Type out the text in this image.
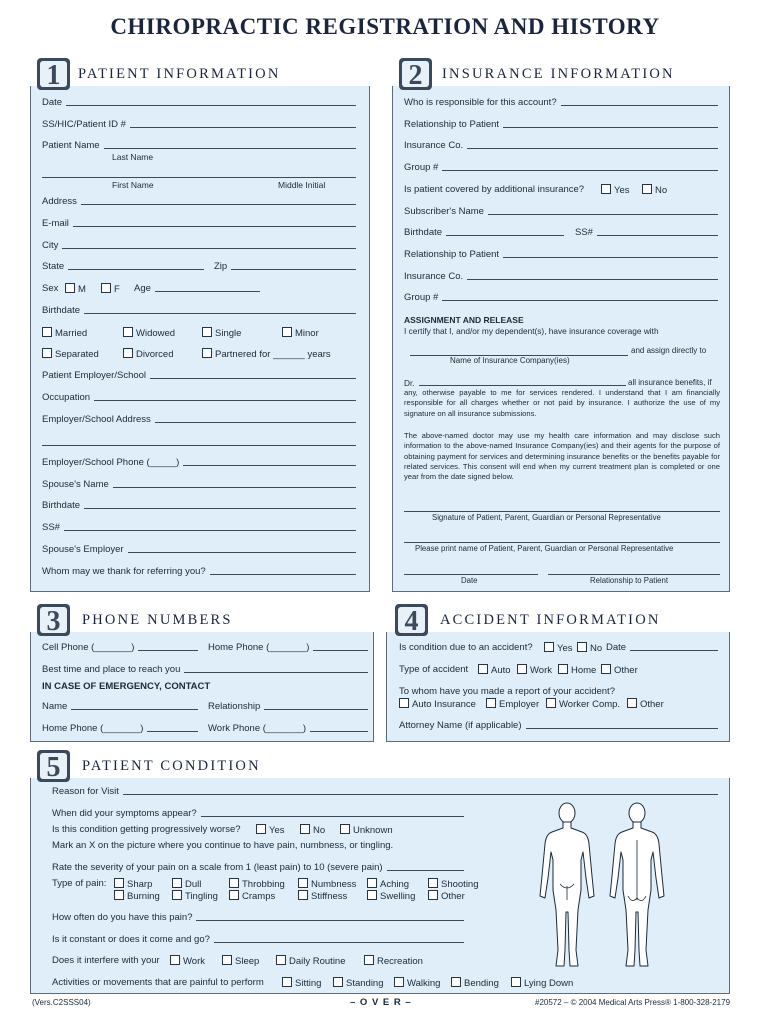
CHIROPRACTIC REGISTRATION AND HISTORY
1 PATIENT INFORMATION
Date
SS/HIC/Patient ID #
Patient Name
Last Name
First Name	Middle Initial
Address
E-mail
City
State	Zip
Sex	M	F Age
Birthdate
Married	Widowed	Single	Minor
Separated	Divorced	Partnered for ______ years
Patient Employer/School
Occupation
Employer/School Address
Employer/School Phone ( _____ )
Spouse's Name
Birthdate
SS#
Spouse's Employer
Whom may we thank for referring you?
2 INSURANCE INFORMATION
Who is responsible for this account?
Relationship to Patient
Insurance Co.
Group #
Is patient covered by additional insurance?	Yes	No
Subscriber's Name
Birthdate	SS#
Relationship to Patient
Insurance Co.
Group #
ASSIGNMENT AND RELEASE
I certify that I, and/or my dependent(s), have insurance coverage with
and assign directly to
Name of Insurance Company(ies)
Dr.	all insurance benefits, if
any, otherwise payable to me for services rendered. I understand that I am financially responsible for all charges whether or not paid by insurance. I authorize the use of my signature on all insurance submissions.
The above-named doctor may use my health care information and may disclose such information to the above-named Insurance Company(ies) and their agents for the purpose of obtaining payment for services and determining insurance benefits or the benefits payable for related services. This consent will end when my current treatment plan is completed or one year from the date signed below.
Signature of Patient, Parent, Guardian or Personal Representative
Please print name of Patient, Parent, Guardian or Personal Representative
Date	Relationship to Patient
3 PHONE NUMBERS
Cell Phone ( _______ )	Home Phone ( _______ )
Best time and place to reach you
IN CASE OF EMERGENCY, CONTACT
Name	Relationship
Home Phone ( _______ )	Work Phone ( _______ )
4 ACCIDENT INFORMATION
Is condition due to an accident?	Yes	No Date
Type of accident	Auto	Work	Home	Other
To whom have you made a report of your accident?
Auto Insurance	Employer	Worker Comp.	Other
Attorney Name (if applicable)
5 PATIENT CONDITION
Reason for Visit
When did your symptoms appear?
Is this condition getting progressively worse?	Yes	No	Unknown
Mark an X on the picture where you continue to have pain, numbness, or tingling.
Rate the severity of your pain on a scale from 1 (least pain) to 10 (severe pain)
Type of pain:	Sharp	Dull	Throbbing	Numbness	Aching	Shooting
Burning	Tingling	Cramps	Stiffness	Swelling	Other
How often do you have this pain?
Is it constant or does it come and go?
Does it interfere with your	Work	Sleep	Daily Routine	Recreation
Activities or movements that are painful to perform	Sitting	Standing	Walking	Bending	Lying Down
(Vers.C2SSS04)	– O V E R –	#20572 – © 2004 Medical Arts Press® 1-800-328-2179
